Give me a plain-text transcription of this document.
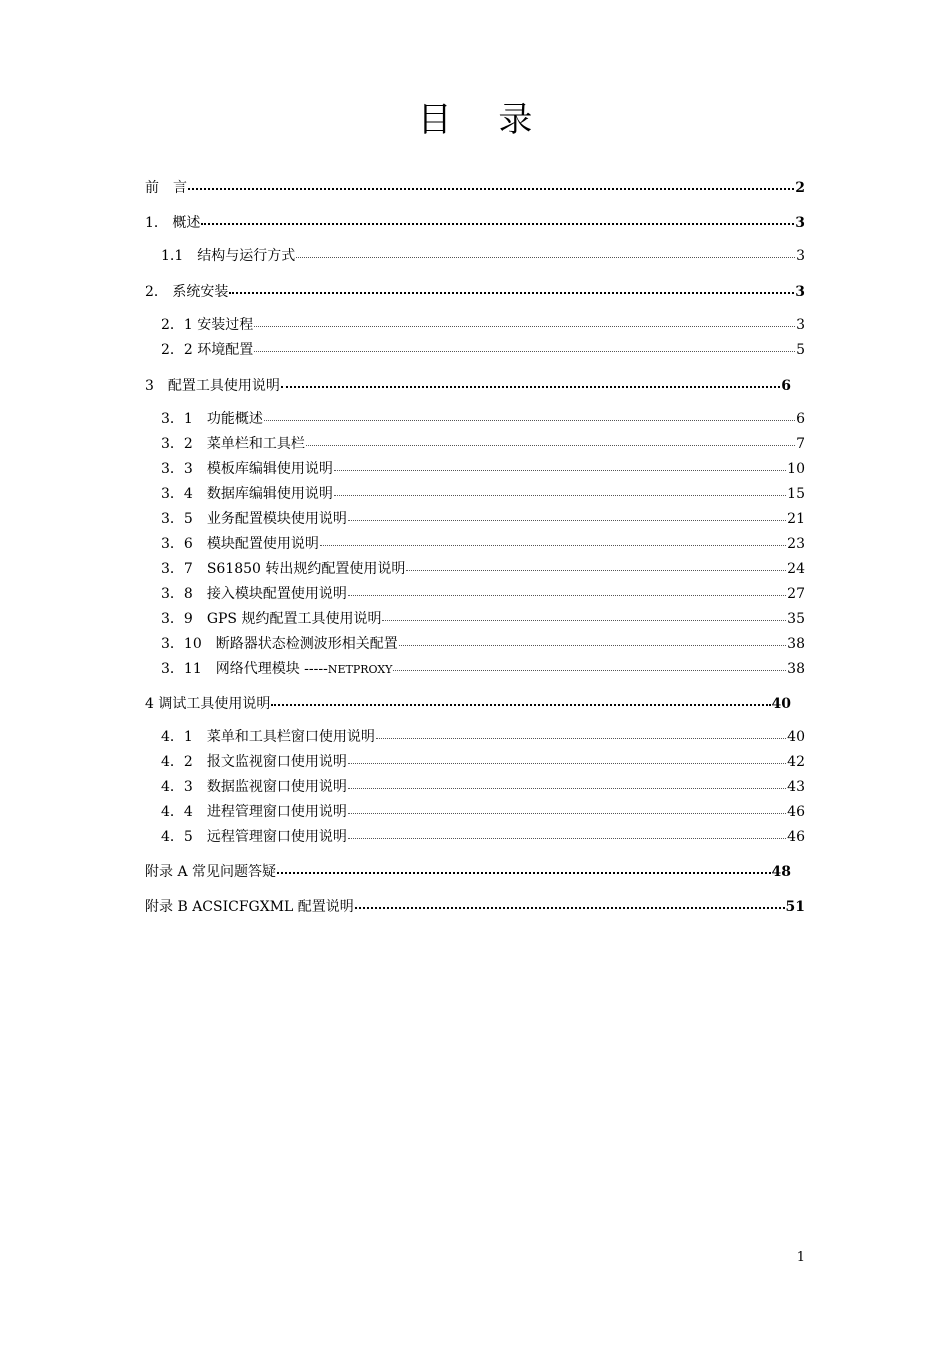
目 录
前　言	2
1． 概述	3
1.1　结构与运行方式	3
2． 系统安装	3
2．1 安装过程	3
2．2 环境配置	5
3　配置工具使用说明	6
3．1　功能概述	6
3．2　菜单栏和工具栏	7
3．3　模板库编辑使用说明	10
3．4　数据库编辑使用说明	15
3．5　业务配置模块使用说明	21
3．6　模块配置使用说明	23
3．7　S61850 转出规约配置使用说明	24
3．8　接入模块配置使用说明	27
3．9　GPS 规约配置工具使用说明	35
3．10　断路器状态检测波形相关配置	38
3．11　网络代理模块 ----- NETPROXY	38
4 调试工具使用说明	40
4．1　菜单和工具栏窗口使用说明	40
4．2　报文监视窗口使用说明	42
4．3　数据监视窗口使用说明	43
4．4　进程管理窗口使用说明	46
4．5　远程管理窗口使用说明	46
附录 A 常见问题答疑	48
附录 B ACSICFGXML 配置说明	51
1
